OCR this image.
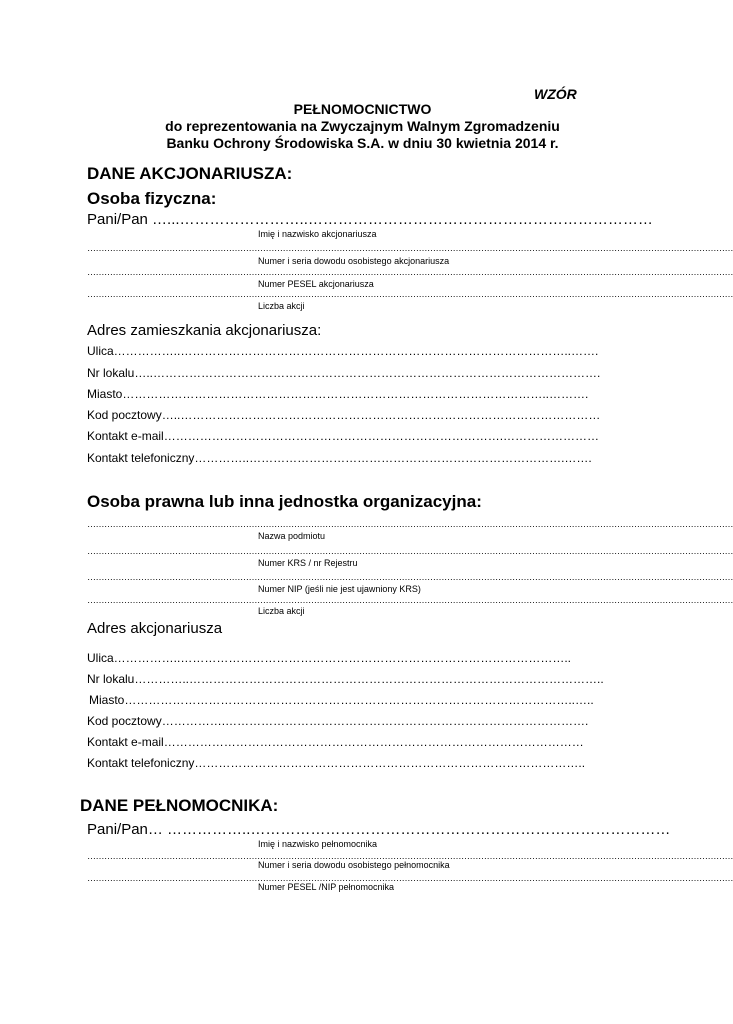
WZÓR
PEŁNOMOCNICTWO
do reprezentowania na Zwyczajnym Walnym Zgromadzeniu
Banku Ochrony Środowiska S.A. w dniu 30 kwietnia 2014 r.
DANE AKCJONARIUSZA:
Osoba fizyczna:
Pani/Pan …...……………………..……………………………………………………………
Imię i nazwisko akcjonariusza
…………………………………………………………………………………………………………………………………………………………………………………………………………
Numer i seria dowodu osobistego akcjonariusza
…………………………………………………………………………………………………………………………………………………………………………………………………………
Numer PESEL akcjonariusza
…………………………………………………………………………………………………………………………………………………………………………………………………………
Liczba akcji
Adres zamieszkania akcjonariusza:
Ulica……………..……………………………………………………………………………………..…….
Nr lokalu…..………………………………………………………………………………………………….
Miasto……………………………………………………………………………………………..……….
Kod pocztowy…..……………………………………………………………………………………………
Kontakt e-mail………………………………………………………………………….……………………
Kontakt telefoniczny…………..…………………………………………………………………….…….
Osoba prawna lub inna jednostka organizacyjna:
…………………………………………………………………………………………………………………………………………………………………………………………………………
Nazwa podmiotu
…………………………………………………………………………………………………………………………………………………………………………………………………………
Numer KRS / nr Rejestru
…………………………………………………………………………………………………………………………………………………………………………………………………………
Numer NIP (jeśli nie jest ujawniony KRS)
…………………………………………………………………………………………………………………………………………………………………………………………………………
Liczba akcji
Adres akcjonariusza
Ulica……………..……………………………………………………………………………………..
Nr lokalu…………..…………………………………………………………………………………………..
Miasto…………………………………………………………………………………………………..…..
Kod pocztowy…………….……………………………………………………………………………….
Kontakt e-mail……………………………………………………………………………………………
Kontakt telefoniczny……………………………………………………………………………………..
DANE PEŁNOMOCNIKA:
Pani/Pan… ……………..…………………………………………………………………………
Imię i nazwisko pełnomocnika
…………………………………………………………………………………………………………………………………………………………………………………………………………
Numer i seria dowodu osobistego pełnomocnika
…………………………………………………………………………………………………………………………………………………………………………………………………………
Numer PESEL /NIP pełnomocnika
